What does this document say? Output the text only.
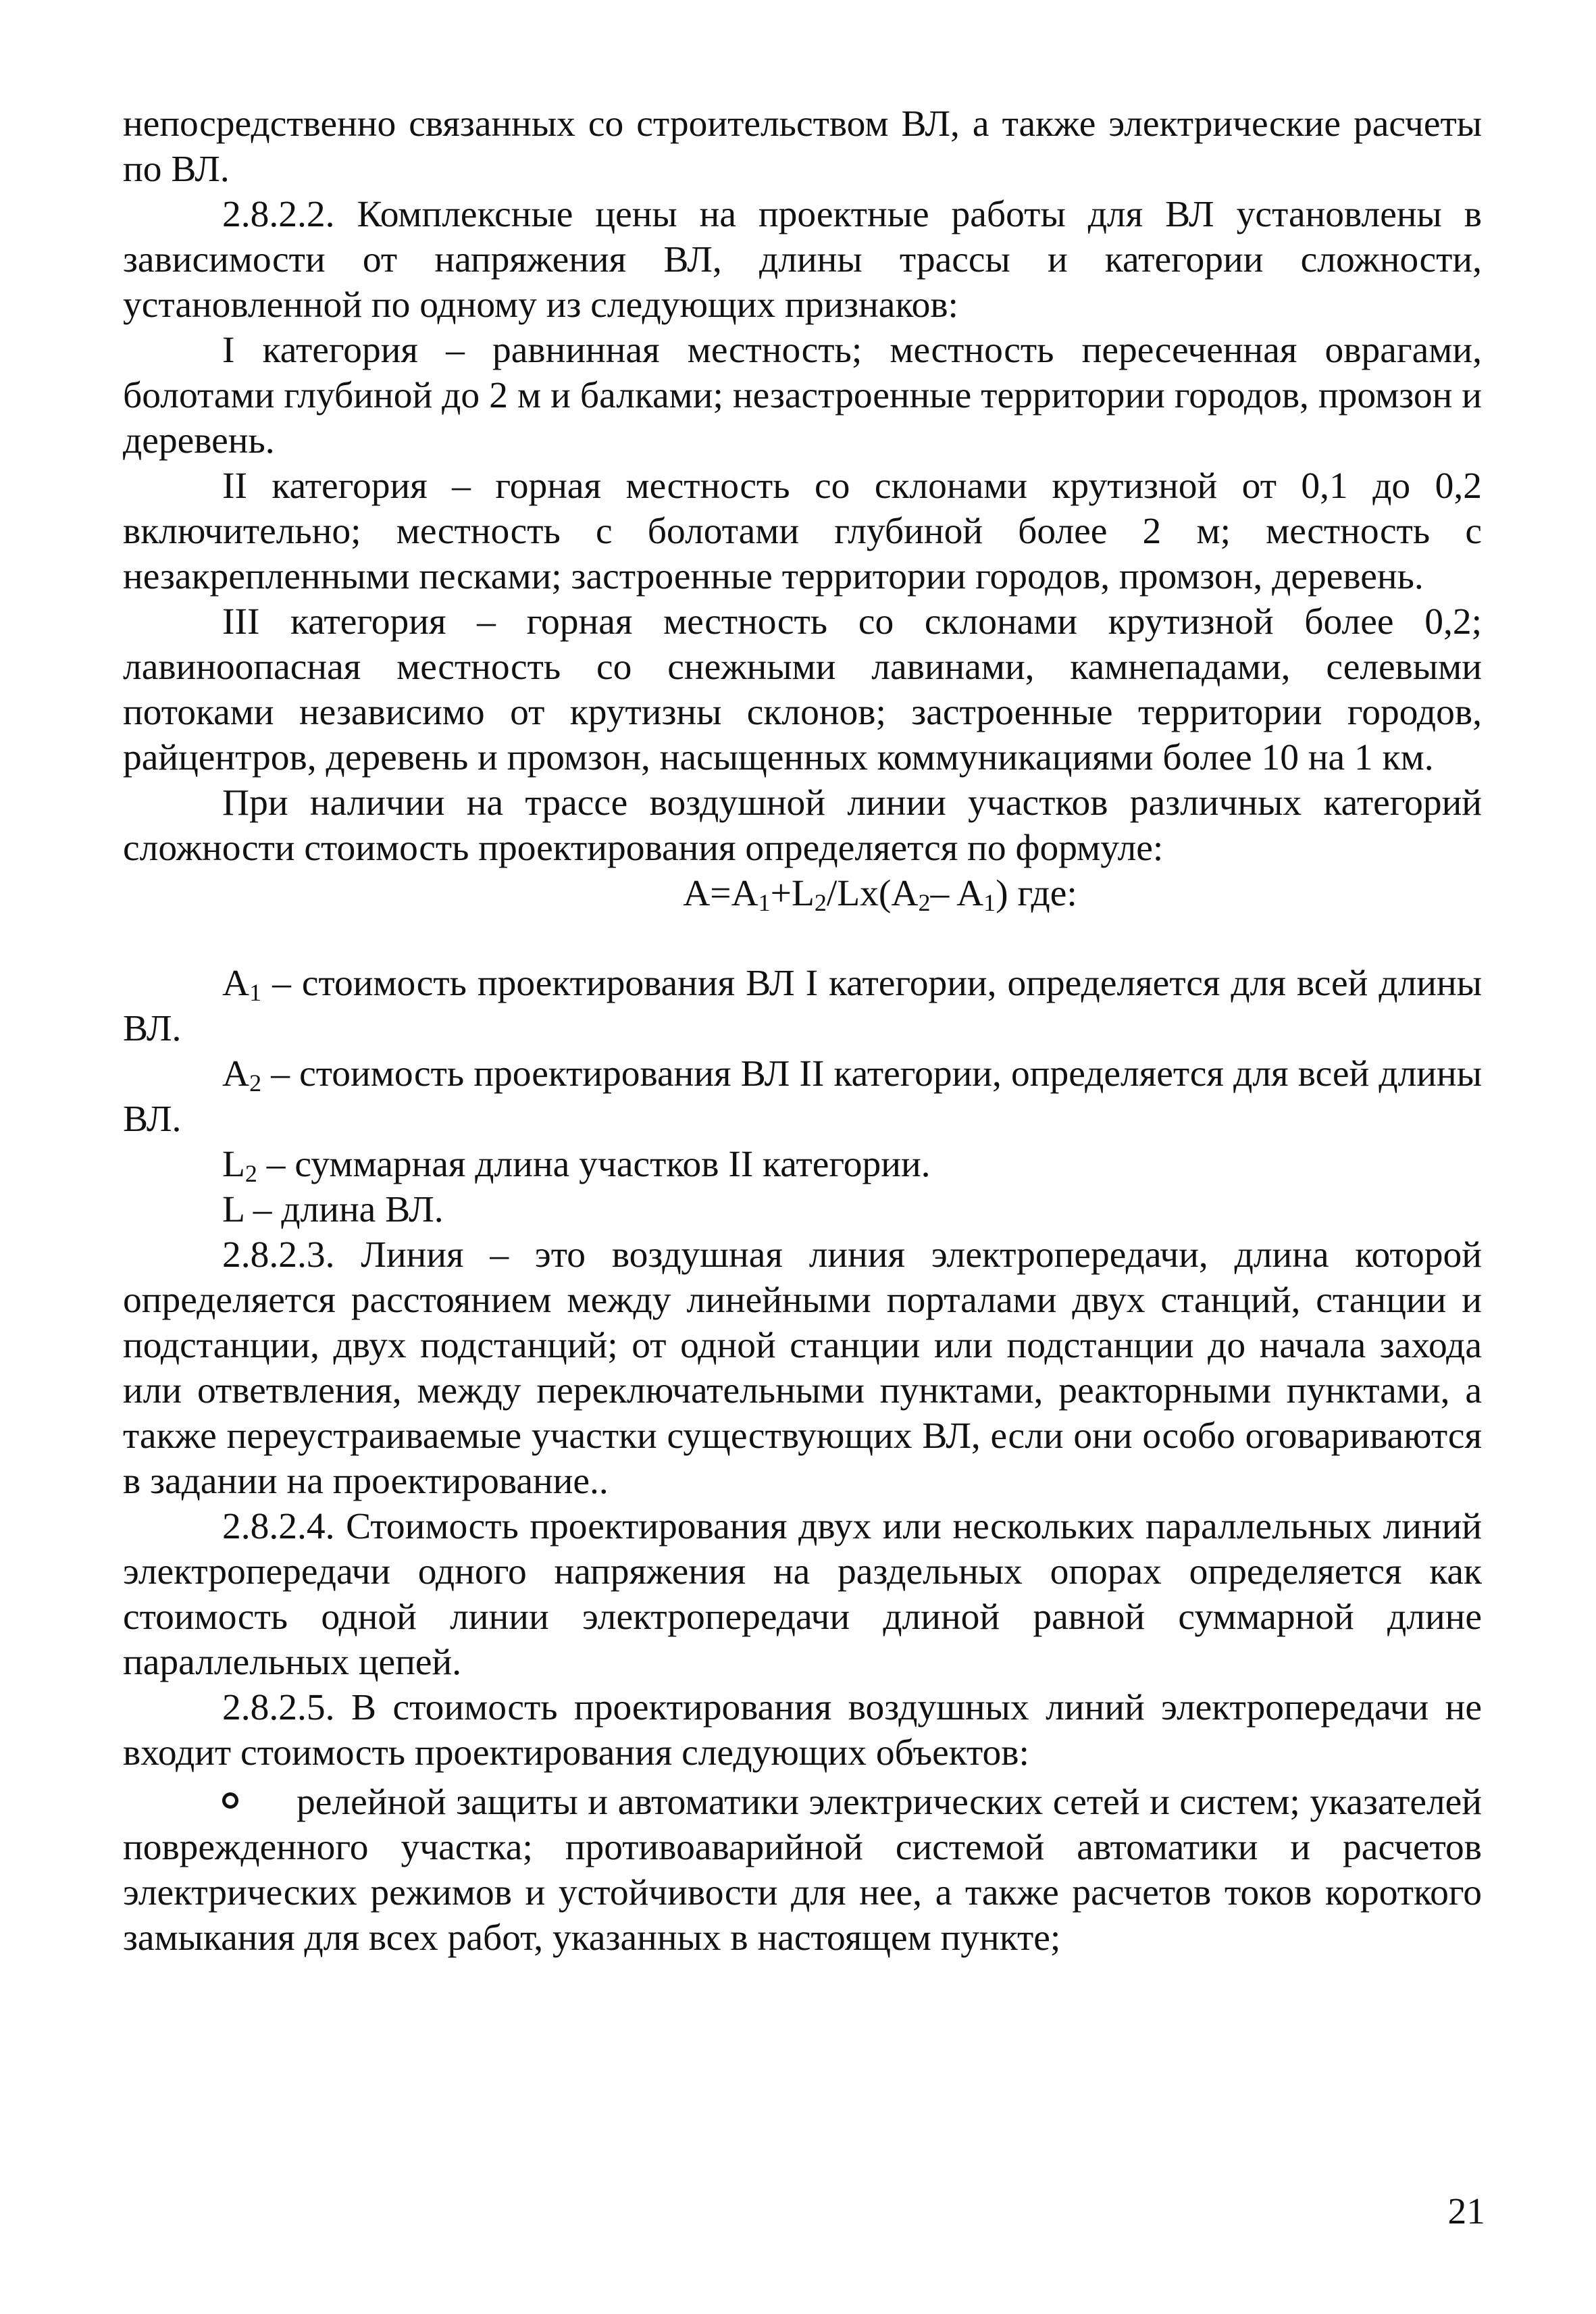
непосредственно связанных со строительством ВЛ, а также электрические расчеты по ВЛ.

2.8.2.2. Комплексные цены на проектные работы для ВЛ установлены в зависимости от напряжения ВЛ, длины трассы и категории сложности, установленной по одному из следующих признаков:

I категория – равнинная местность; местность пересеченная оврагами, болотами глубиной до 2 м и балками; незастроенные территории городов, промзон и деревень.

II категория – горная местность со склонами крутизной от 0,1 до 0,2 включительно; местность с болотами глубиной более 2 м; местность с незакрепленными песками; застроенные территории городов, промзон, деревень.

III категория – горная местность со склонами крутизной более 0,2; лавиноопасная местность со снежными лавинами, камнепадами, селевыми потоками независимо от крутизны склонов; застроенные территории городов, райцентров, деревень и промзон, насыщенных коммуникациями более 10 на 1 км.

При наличии на трассе воздушной линии участков различных категорий сложности стоимость проектирования определяется по формуле:

$A=A_1+L_2/Lx(A_2-$ $A_1$) где:

$A_1$ – стоимость проектирования ВЛ I категории, определяется для всей длины ВЛ.

$A_2$ – стоимость проектирования ВЛ II категории, определяется для всей длины ВЛ.

$L_2$ – суммарная длина участков II категории.

L – длина ВЛ.

2.8.2.3. Линия – это воздушная линия электропередачи, длина которой определяется расстоянием между линейными порталами двух станций, станции и подстанции, двух подстанций; от одной станции или подстанции до начала захода или ответвления, между переключательными пунктами, реакторными пунктами, а также переустраиваемые участки существующих ВЛ, если они особо оговариваются в задании на проектирование..

2.8.2.4. Стоимость проектирования двух или нескольких параллельных линий электропередачи одного напряжения на раздельных опорах определяется как стоимость одной линии электропередачи длиной равной суммарной длине параллельных цепей.

2.8.2.5. В стоимость проектирования воздушных линий электропередачи не входит стоимость проектирования следующих объектов:

релейной защиты и автоматики электрических сетей и систем; указателей поврежденного участка; противоаварийной системой автоматики и расчетов электрических режимов и устойчивости для нее, а также расчетов токов короткого замыкания для всех работ, указанных в настоящем пункте;

21
